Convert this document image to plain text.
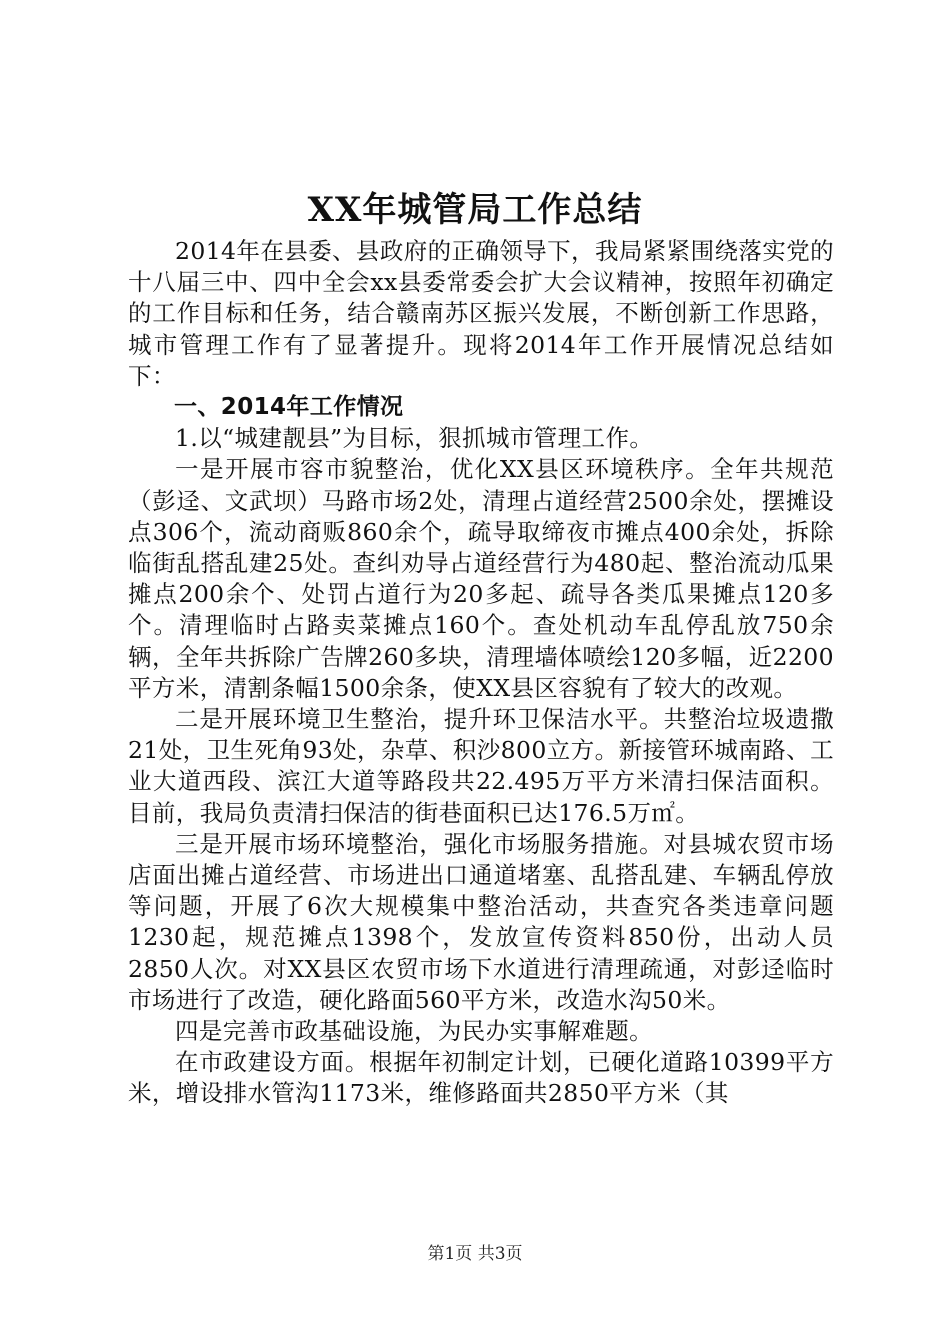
XX年城管局工作总结

2014年在县委、县政府的正确领导下，我局紧紧围绕落实党的十八届三中、四中全会xx县委常委会扩大会议精神，按照年初确定的工作目标和任务，结合赣南苏区振兴发展，不断创新工作思路，城市管理工作有了显著提升。现将2014年工作开展情况总结如下：

一、2014年工作情况

1.以“城建靓县”为目标，狠抓城市管理工作。

一是开展市容市貌整治，优化XX县区环境秩序。全年共规范（彭迳、文武坝）马路市场2处，清理占道经营2500余处，摆摊设点306个，流动商贩860余个，疏导取缔夜市摊点400余处，拆除临街乱搭乱建25处。查纠劝导占道经营行为480起、整治流动瓜果摊点200余个、处罚占道行为20多起、疏导各类瓜果摊点120多个。清理临时占路卖菜摊点160个。查处机动车乱停乱放750余辆，全年共拆除广告牌260多块，清理墙体喷绘120多幅，近2200平方米，清割条幅1500余条，使XX县区容貌有了较大的改观。

二是开展环境卫生整治，提升环卫保洁水平。共整治垃圾遗撒21处，卫生死角93处，杂草、积沙800立方。新接管环城南路、工业大道西段、滨江大道等路段共22.495万平方米清扫保洁面积。目前，我局负责清扫保洁的街巷面积已达176.5万㎡。

三是开展市场环境整治，强化市场服务措施。对县城农贸市场店面出摊占道经营、市场进出口通道堵塞、乱搭乱建、车辆乱停放等问题，开展了6次大规模集中整治活动，共查究各类违章问题1230起，规范摊点1398个，发放宣传资料850份，出动人员2850人次。对XX县区农贸市场下水道进行清理疏通，对彭迳临时市场进行了改造，硬化路面560平方米，改造水沟50米。

四是完善市政基础设施，为民办实事解难题。

在市政建设方面。根据年初制定计划，已硬化道路10399平方米，增设排水管沟1173米，维修路面共2850平方米（其

第1页 共3页
